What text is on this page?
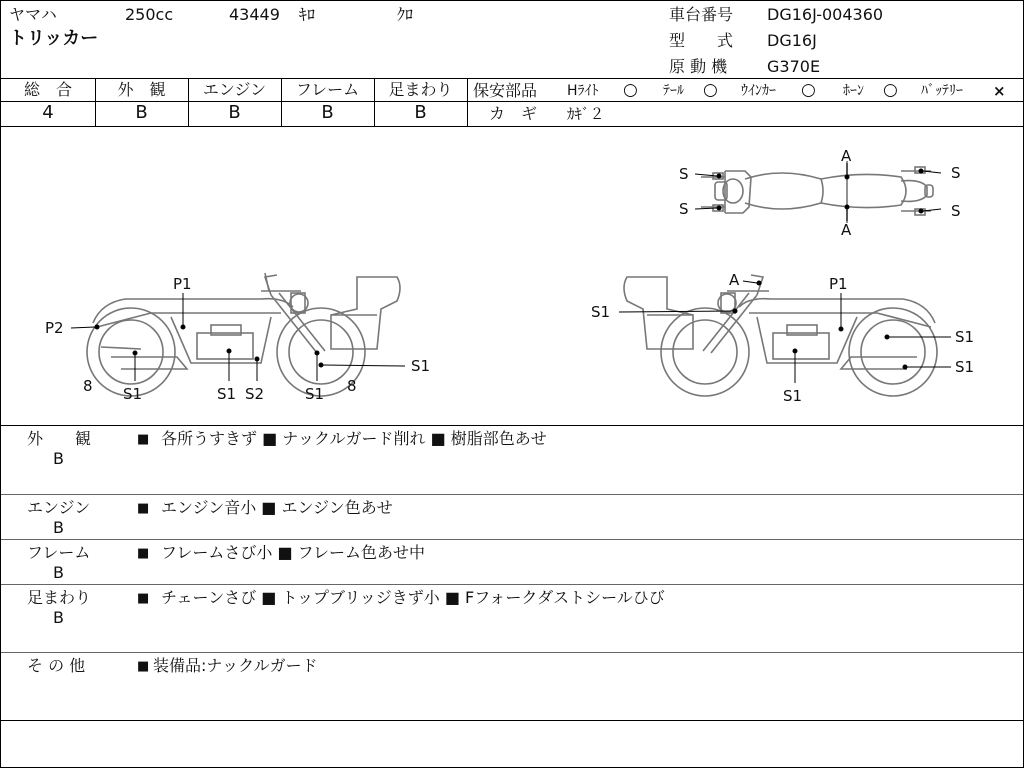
ヤマハ	250cc	43449 ｷﾛ	ｸﾛ
トリッカー
車台番号 DG16J-004360
型　　式 DG16J
原 動 機 G370E
総　合	外　観	エンジン	フレーム	足まわり
4	B	B	B	B
保安部品 Hﾗｲﾄ ○ ﾃｰﾙ ○ ｳｲﾝｶｰ ○ ﾎｰﾝ ○ ﾊﾞｯﾃﾘｰ ×
カ　ギ ｶｷﾞ２
S
S
S
S
A
A
P1
P2
8 S1	S1 S2	S1 8
S1
A	P1
S1
S1
S1
S1
外　　観
B
■ 各所うすきず ■ ナックルガード削れ ■ 樹脂部色あせ
エンジン
B
■ エンジン音小 ■ エンジン色あせ
フレーム
B
■ フレームさび小 ■ フレーム色あせ中
足まわり
B
■ チェーンさび ■ トップブリッジきず小 ■ Fフォークダストシールひび
そ の 他	■ 装備品:ナックルガード
